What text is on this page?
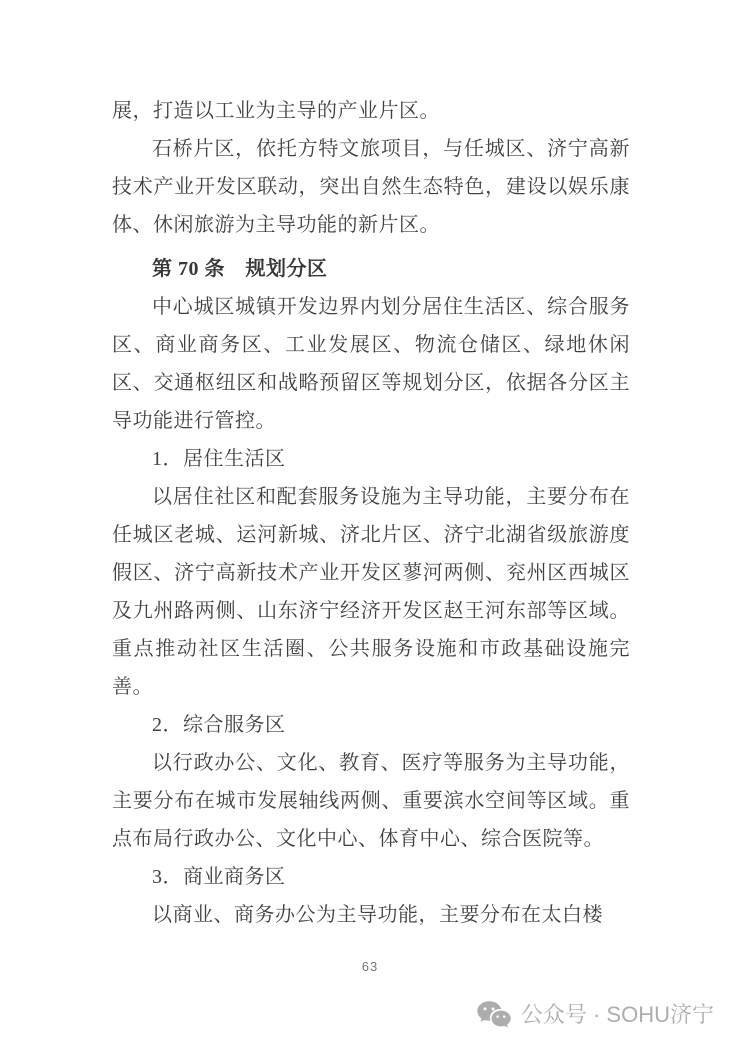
展，打造以工业为主导的产业片区。
石桥片区，依托方特文旅项目，与任城区、济宁高新
技术产业开发区联动，突出自然生态特色，建设以娱乐康
体、休闲旅游为主导功能的新片区。
第 70 条　规划分区
中心城区城镇开发边界内划分居住生活区、综合服务
区、商业商务区、工业发展区、物流仓储区、绿地休闲
区、交通枢纽区和战略预留区等规划分区，依据各分区主
导功能进行管控。
1．居住生活区
以居住社区和配套服务设施为主导功能，主要分布在
任城区老城、运河新城、济北片区、济宁北湖省级旅游度
假区、济宁高新技术产业开发区蓼河两侧、兖州区西城区
及九州路两侧、山东济宁经济开发区赵王河东部等区域。
重点推动社区生活圈、公共服务设施和市政基础设施完
善。
2．综合服务区
以行政办公、文化、教育、医疗等服务为主导功能，
主要分布在城市发展轴线两侧、重要滨水空间等区域。重
点布局行政办公、文化中心、体育中心、综合医院等。
3．商业商务区
以商业、商务办公为主导功能，主要分布在太白楼
63
公众号 · SOHU济宁
